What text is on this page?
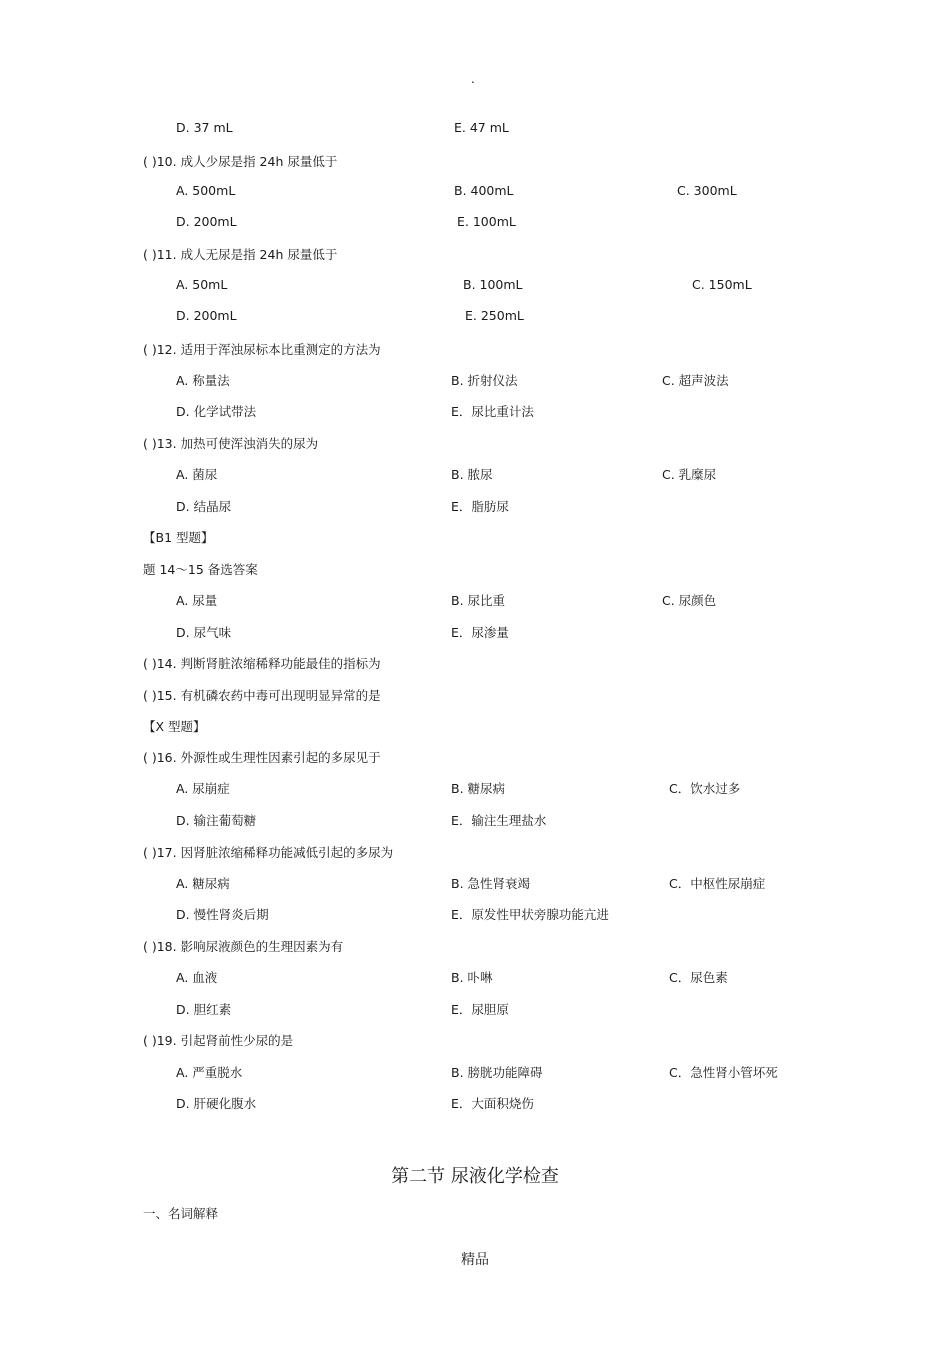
.
D. 37 mL	E. 47 mL
( )10. 成人少尿是指 24h 尿量低于
A. 500mL	B. 400mL	C. 300mL
D. 200mL	E. 100mL
( )11. 成人无尿是指 24h 尿量低于
A. 50mL	B. 100mL	C. 150mL
D. 200mL	E. 250mL
( )12. 适用于浑浊尿标本比重测定的方法为
A. 称量法	B. 折射仪法	C. 超声波法
D. 化学试带法	E．尿比重计法
( )13. 加热可使浑浊消失的尿为
A. 菌尿	B. 脓尿	C. 乳糜尿
D. 结晶尿	E．脂肪尿
【B1 型题】
题 14～15 备选答案
A. 尿量	B. 尿比重	C. 尿颜色
D. 尿气味	E．尿渗量
( )14. 判断肾脏浓缩稀释功能最佳的指标为
( )15. 有机磷农药中毒可出现明显异常的是
【X 型题】
( )16. 外源性或生理性因素引起的多尿见于
A. 尿崩症	B. 糖尿病	C．饮水过多
D. 输注葡萄糖	E．输注生理盐水
( )17. 因肾脏浓缩稀释功能减低引起的多尿为
A. 糖尿病	B. 急性肾衰竭	C．中枢性尿崩症
D. 慢性肾炎后期	E．原发性甲状旁腺功能亢进
( )18. 影响尿液颜色的生理因素为有
A. 血液	B. 卟啉	C．尿色素
D. 胆红素	E．尿胆原
( )19. 引起肾前性少尿的是
A. 严重脱水	B. 膀胱功能障碍	C．急性肾小管坏死
D. 肝硬化腹水	E．大面积烧伤
第二节 尿液化学检查
一、名词解释
精品
